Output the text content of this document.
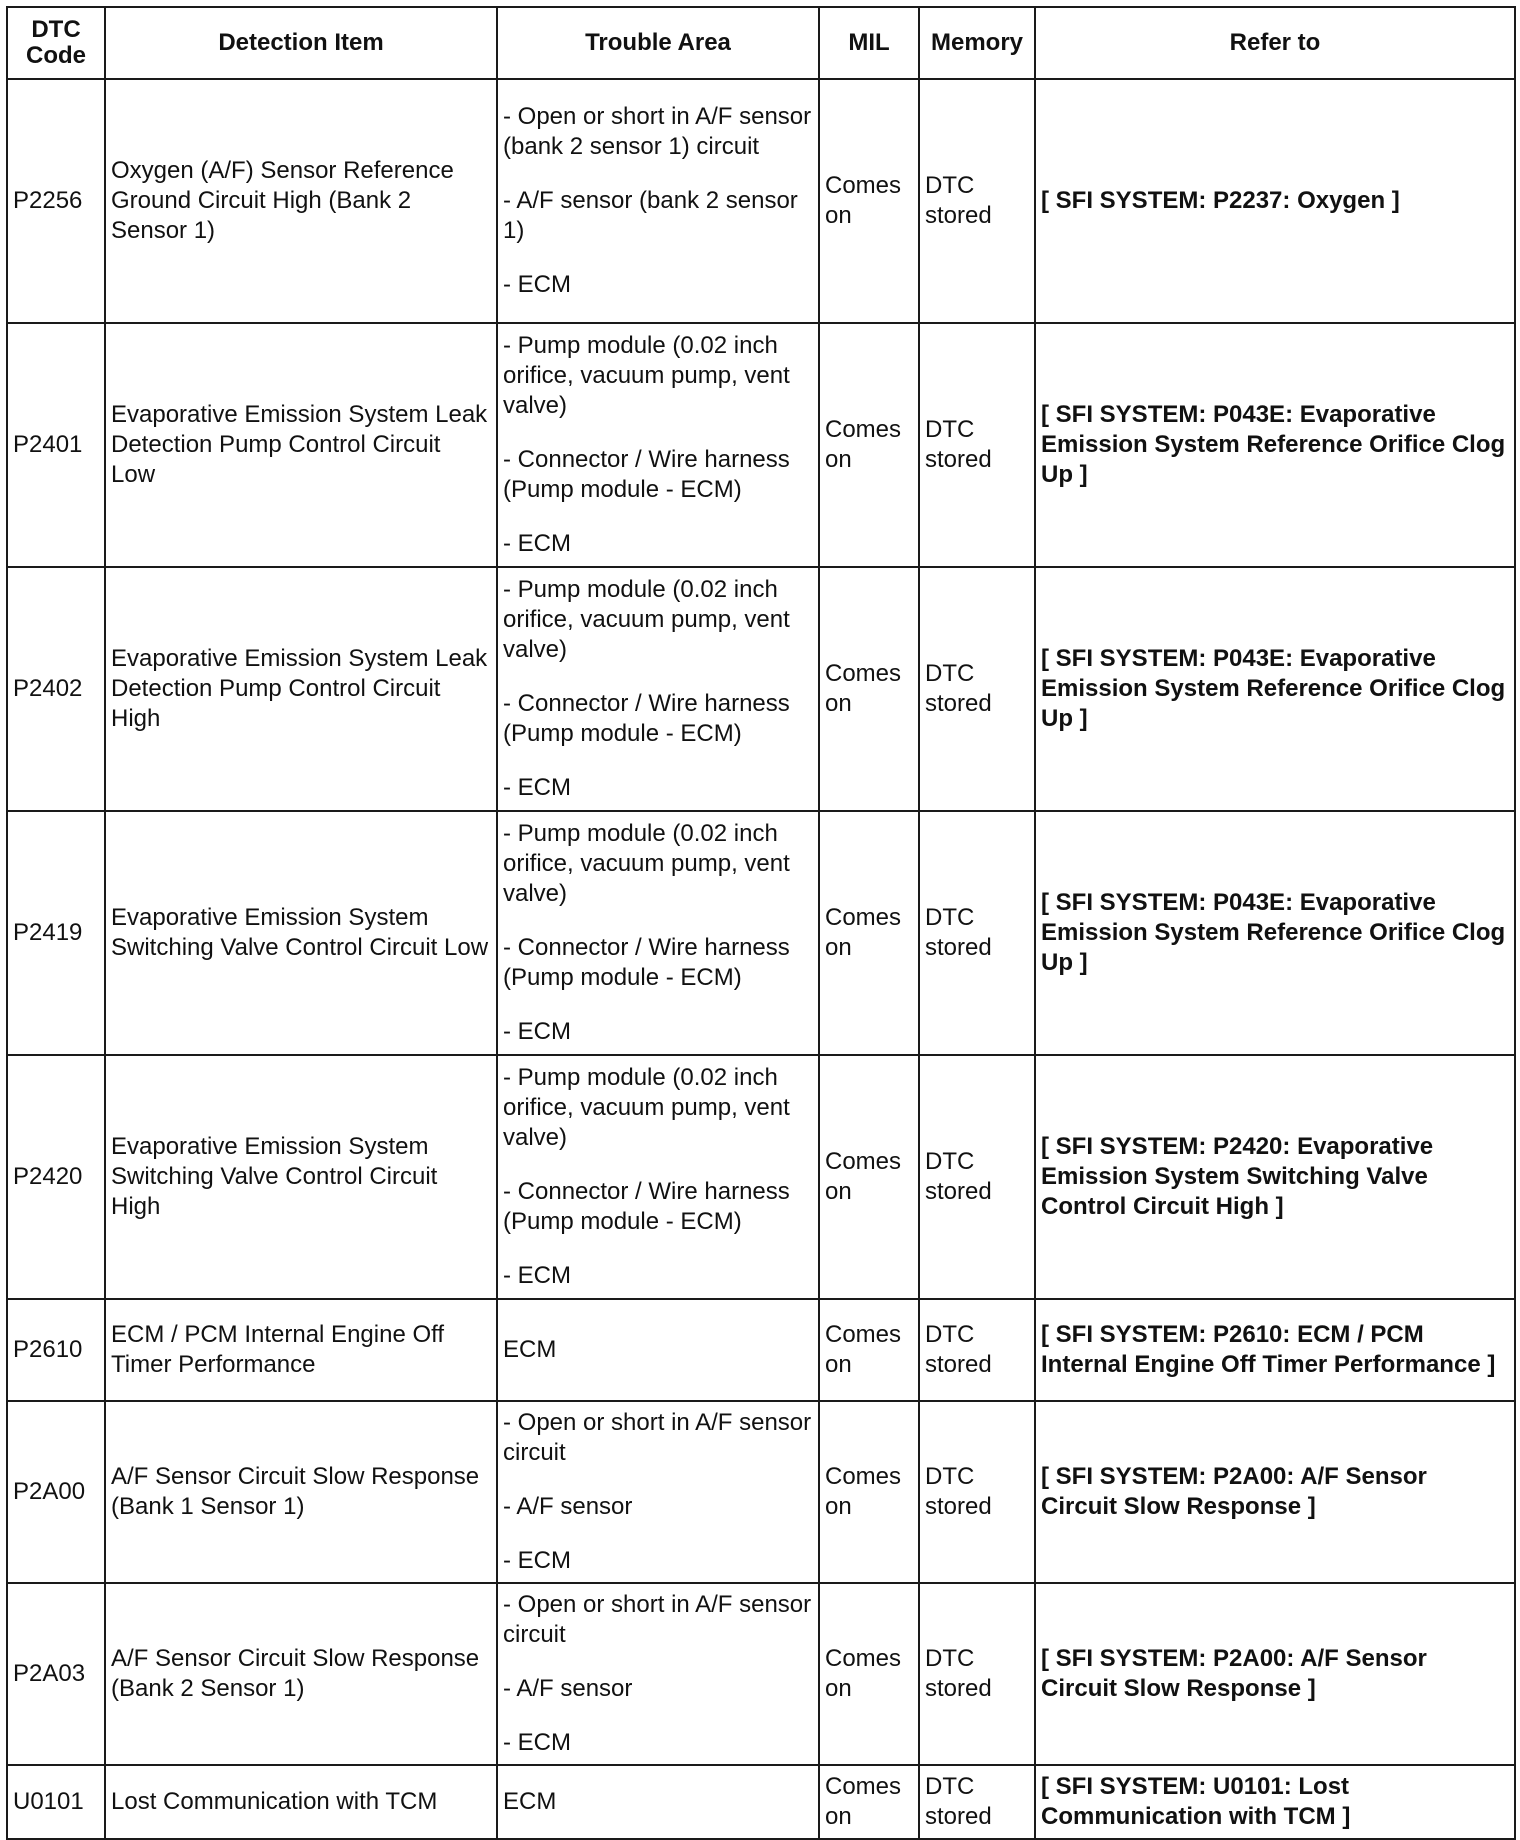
DTC
Code	Detection Item	Trouble Area	MIL	Memory	Refer to
P2256	Oxygen (A/F) Sensor Reference Ground Circuit High (Bank 2 Sensor 1)	- Open or short in A/F sensor (bank 2 sensor 1) circuit
- A/F sensor (bank 2 sensor 1)
- ECM	Comes on	DTC stored	[ SFI SYSTEM: P2237: Oxygen ]
P2401	Evaporative Emission System Leak Detection Pump Control Circuit Low	- Pump module (0.02 inch orifice, vacuum pump, vent valve)
- Connector / Wire harness (Pump module - ECM)
- ECM	Comes on	DTC stored	[ SFI SYSTEM: P043E: Evaporative Emission System Reference Orifice Clog Up ]
P2402	Evaporative Emission System Leak Detection Pump Control Circuit High	- Pump module (0.02 inch orifice, vacuum pump, vent valve)
- Connector / Wire harness (Pump module - ECM)
- ECM	Comes on	DTC stored	[ SFI SYSTEM: P043E: Evaporative Emission System Reference Orifice Clog Up ]
P2419	Evaporative Emission System Switching Valve Control Circuit Low	- Pump module (0.02 inch orifice, vacuum pump, vent valve)
- Connector / Wire harness (Pump module - ECM)
- ECM	Comes on	DTC stored	[ SFI SYSTEM: P043E: Evaporative Emission System Reference Orifice Clog Up ]
P2420	Evaporative Emission System Switching Valve Control Circuit High	- Pump module (0.02 inch orifice, vacuum pump, vent valve)
- Connector / Wire harness (Pump module - ECM)
- ECM	Comes on	DTC stored	[ SFI SYSTEM: P2420: Evaporative Emission System Switching Valve Control Circuit High ]
P2610	ECM / PCM Internal Engine Off Timer Performance	ECM	Comes on	DTC stored	[ SFI SYSTEM: P2610: ECM / PCM Internal Engine Off Timer Performance ]
P2A00	A/F Sensor Circuit Slow Response (Bank 1 Sensor 1)	- Open or short in A/F sensor circuit
- A/F sensor
- ECM	Comes on	DTC stored	[ SFI SYSTEM: P2A00: A/F Sensor Circuit Slow Response ]
P2A03	A/F Sensor Circuit Slow Response (Bank 2 Sensor 1)	- Open or short in A/F sensor circuit
- A/F sensor
- ECM	Comes on	DTC stored	[ SFI SYSTEM: P2A00: A/F Sensor Circuit Slow Response ]
U0101	Lost Communication with TCM	ECM	Comes on	DTC stored	[ SFI SYSTEM: U0101: Lost Communication with TCM ]
